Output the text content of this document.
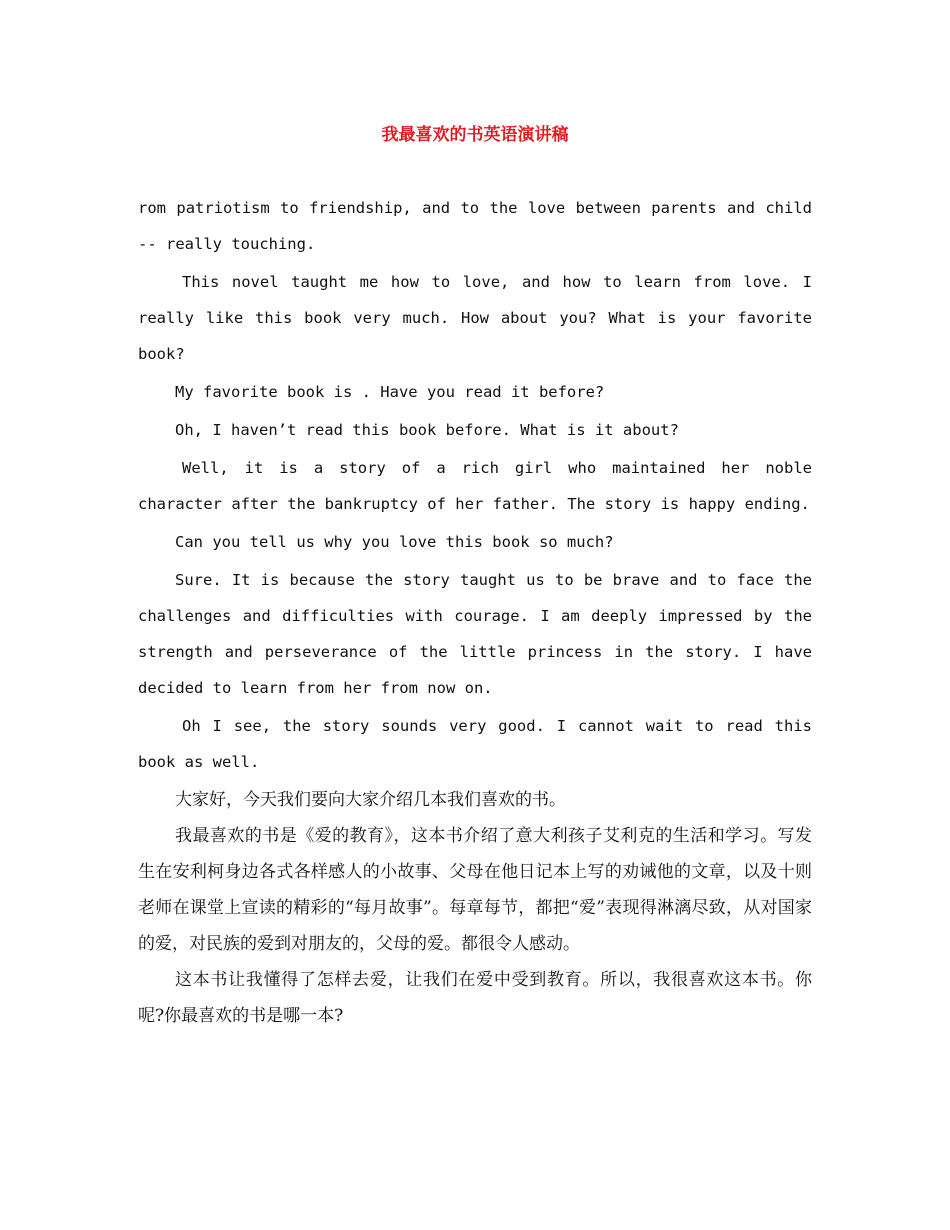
我最喜欢的书英语演讲稿

rom patriotism to friendship, and to the love between parents and child -- really touching.

This novel taught me how to love, and how to learn from love. I really like this book very much. How about you? What is your favorite book?

My favorite book is . Have you read it before?

Oh, I haven’t read this book before. What is it about?

Well, it is a story of a rich girl who maintained her noble character after the bankruptcy of her father. The story is happy ending.

Can you tell us why you love this book so much?

Sure. It is because the story taught us to be brave and to face the challenges and difficulties with courage. I am deeply impressed by the strength and perseverance of the little princess in the story. I have decided to learn from her from now on.

Oh I see, the story sounds very good. I cannot wait to read this book as well.

大家好，今天我们要向大家介绍几本我们喜欢的书。

我最喜欢的书是《爱的教育》，这本书介绍了意大利孩子艾利克的生活和学习。写发生在安利柯身边各式各样感人的小故事、父母在他日记本上写的劝诫他的文章，以及十则老师在课堂上宣读的精彩的“每月故事”。每章每节，都把“爱”表现得淋漓尽致，从对国家的爱，对民族的爱到对朋友的，父母的爱。都很令人感动。

这本书让我懂得了怎样去爱，让我们在爱中受到教育。所以，我很喜欢这本书。你呢?你最喜欢的书是哪一本?
